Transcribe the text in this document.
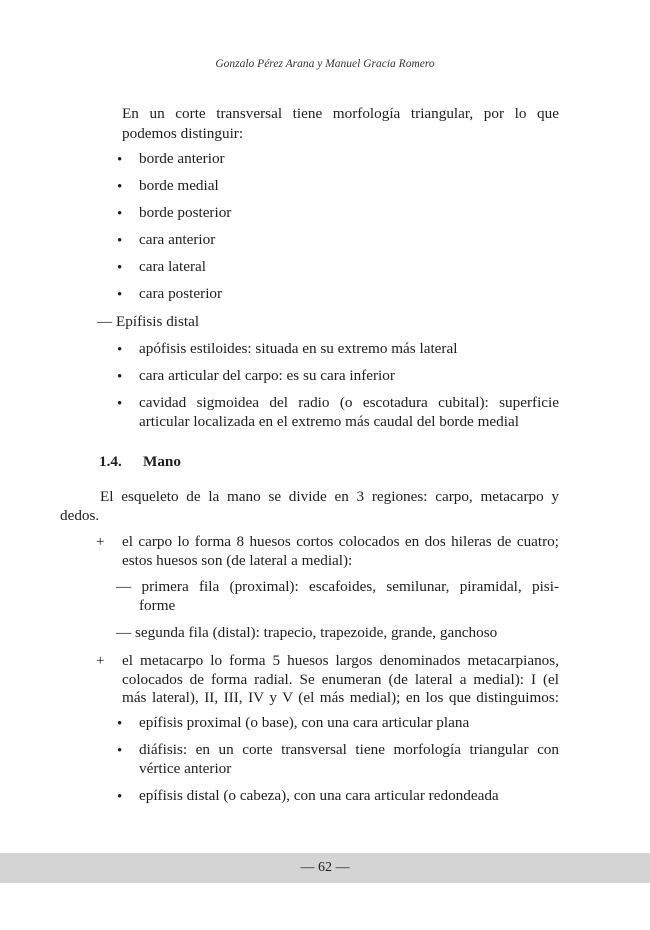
Gonzalo Pérez Arana y Manuel Gracia Romero
En un corte transversal tiene morfología triangular, por lo que
podemos distinguir:
• borde anterior
• borde medial
• borde posterior
• cara anterior
• cara lateral
• cara posterior
— Epífisis distal
• apófisis estiloides: situada en su extremo más lateral
• cara articular del carpo: es su cara inferior
• cavidad sigmoidea del radio (o escotadura cubital): superficie
articular localizada en el extremo más caudal del borde medial
1.4. Mano
El esqueleto de la mano se divide en 3 regiones: carpo, metacarpo y
dedos.
+ el carpo lo forma 8 huesos cortos colocados en dos hileras de cuatro;
estos huesos son (de lateral a medial):
— primera fila (proximal): escafoides, semilunar, piramidal, pisi-
forme
— segunda fila (distal): trapecio, trapezoide, grande, ganchoso
+ el metacarpo lo forma 5 huesos largos denominados metacarpianos,
colocados de forma radial. Se enumeran (de lateral a medial): I (el
más lateral), II, III, IV y V (el más medial); en los que distinguimos:
• epífisis proximal (o base), con una cara articular plana
• diáfisis: en un corte transversal tiene morfología triangular con
vértice anterior
• epífisis distal (o cabeza), con una cara articular redondeada
— 62 —
